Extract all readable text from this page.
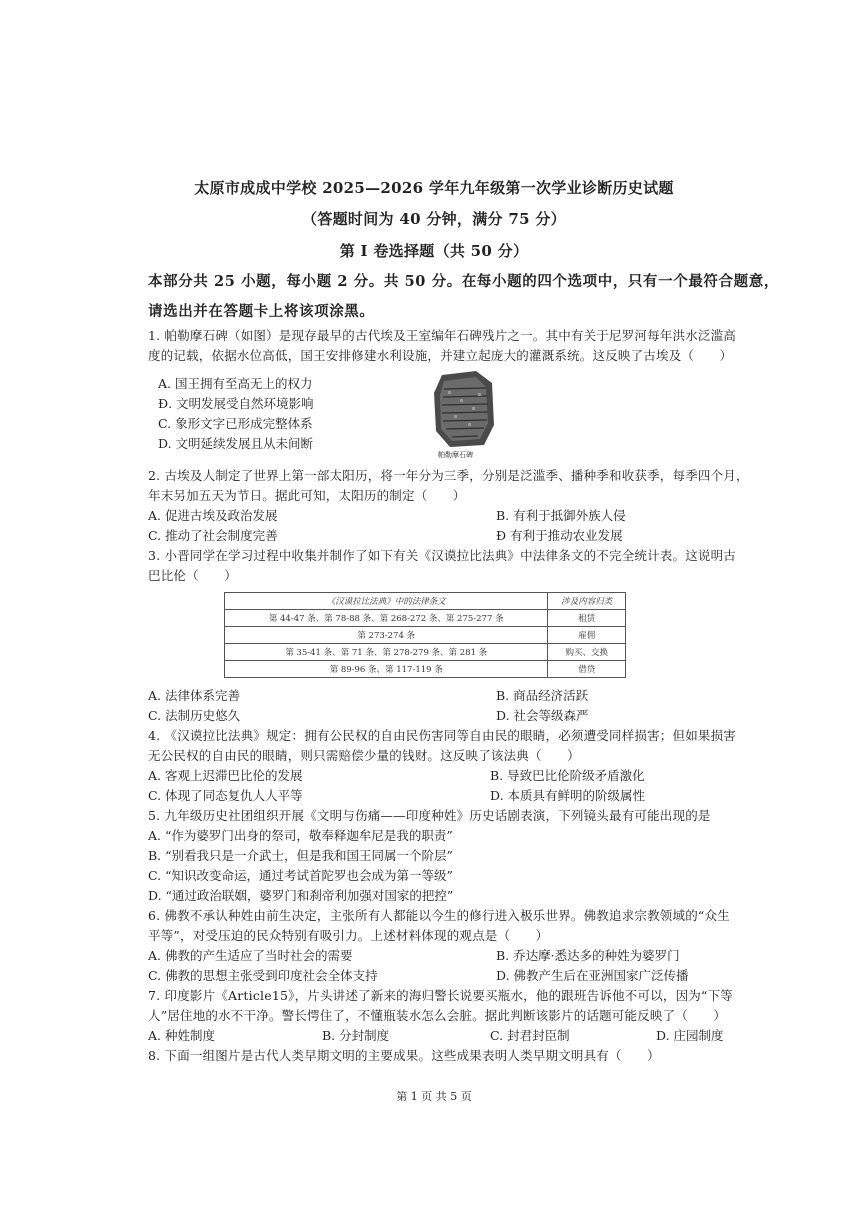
太原市成成中学校 2025—2026 学年九年级第一次学业诊断历史试题
（答题时间为 40 分钟，满分 75 分）
第 I 卷选择题（共 50 分）
本部分共 25 小题，每小题 2 分。共 50 分。在每小题的四个选项中，只有一个最符合题意，
请选出并在答题卡上将该项涂黑。
1. 帕勒摩石碑（如图）是现存最早的古代埃及王室编年石碑残片之一。其中有关于尼罗河每年洪水泛滥高
度的记载，依据水位高低，国王安排修建水利设施，并建立起庞大的灌溉系统。这反映了古埃及（　　）
A. 国王拥有至高无上的权力
Ɖ. 文明发展受自然环境影响
C. 象形文字已形成完整体系
D. 文明延续发展且从未间断
帕勒摩石碑
2. 古埃及人制定了世界上第一部太阳历，将一年分为三季，分别是泛滥季、播种季和收获季，每季四个月，
年末另加五天为节日。据此可知，太阳历的制定（　　）
A. 促进古埃及政治发展	B. 有利于抵御外族人侵
C. 推动了社会制度完善	Ɖ 有利于推动农业发展
3. 小晋同学在学习过程中收集并制作了如下有关《汉谟拉比法典》中法律条文的不完全统计表。这说明古
巴比伦（　　）
《汉谟拉比法典》中的法律条文	涉及内容归类
第 44-47 条、第 78-88 条、第 268-272 条、第 275-277 条	租赁
第 273-274 条	雇佣
第 35-41 条、第 71 条、第 278-279 条、第 281 条	购买、交换
第 89-96 条、第 117-119 条	借贷
A. 法律体系完善	B. 商品经济活跃
C. 法制历史悠久	D. 社会等级森严
4. 《汉谟拉比法典》规定：拥有公民权的自由民伤害同等自由民的眼睛，必须遭受同样损害；但如果损害
无公民权的自由民的眼睛，则只需赔偿少量的钱财。这反映了该法典（　　）
A. 客观上迟滞巴比伦的发展	B. 导致巴比伦阶级矛盾激化
C. 体现了同态复仇人人平等	D. 本质具有鲜明的阶级属性
5. 九年级历史社团组织开展《文明与伤痛——印度种姓》历史话剧表演，下列镜头最有可能出现的是
A. “作为婆罗门出身的祭司，敬奉释迦牟尼是我的职责”
B. “别看我只是一介武士，但是我和国王同属一个阶层”
C. “知识改变命运，通过考试首陀罗也会成为第一等级”
D. “通过政治联姻，婆罗门和刹帝利加强对国家的把控”
6. 佛教不承认种姓由前生决定，主张所有人都能以今生的修行进入极乐世界。佛教追求宗教领域的“众生
平等”，对受压迫的民众特别有吸引力。上述材料体现的观点是（　　）
A. 佛教的产生适应了当时社会的需要	B. 乔达摩·悉达多的种姓为婆罗门
C. 佛教的思想主张受到印度社会全体支持	D. 佛教产生后在亚洲国家广泛传播
7. 印度影片《Article15》，片头讲述了新来的海归警长说要买瓶水，他的跟班告诉他不可以，因为“下等
人”居住地的水不干净。警长愕住了，不懂瓶装水怎么会脏。据此判断该影片的话题可能反映了（　　）
A. 种姓制度	B. 分封制度	C. 封君封臣制	D. 庄园制度
8. 下面一组图片是古代人类早期文明的主要成果。这些成果表明人类早期文明具有（　　）
第 1 页 共 5 页
